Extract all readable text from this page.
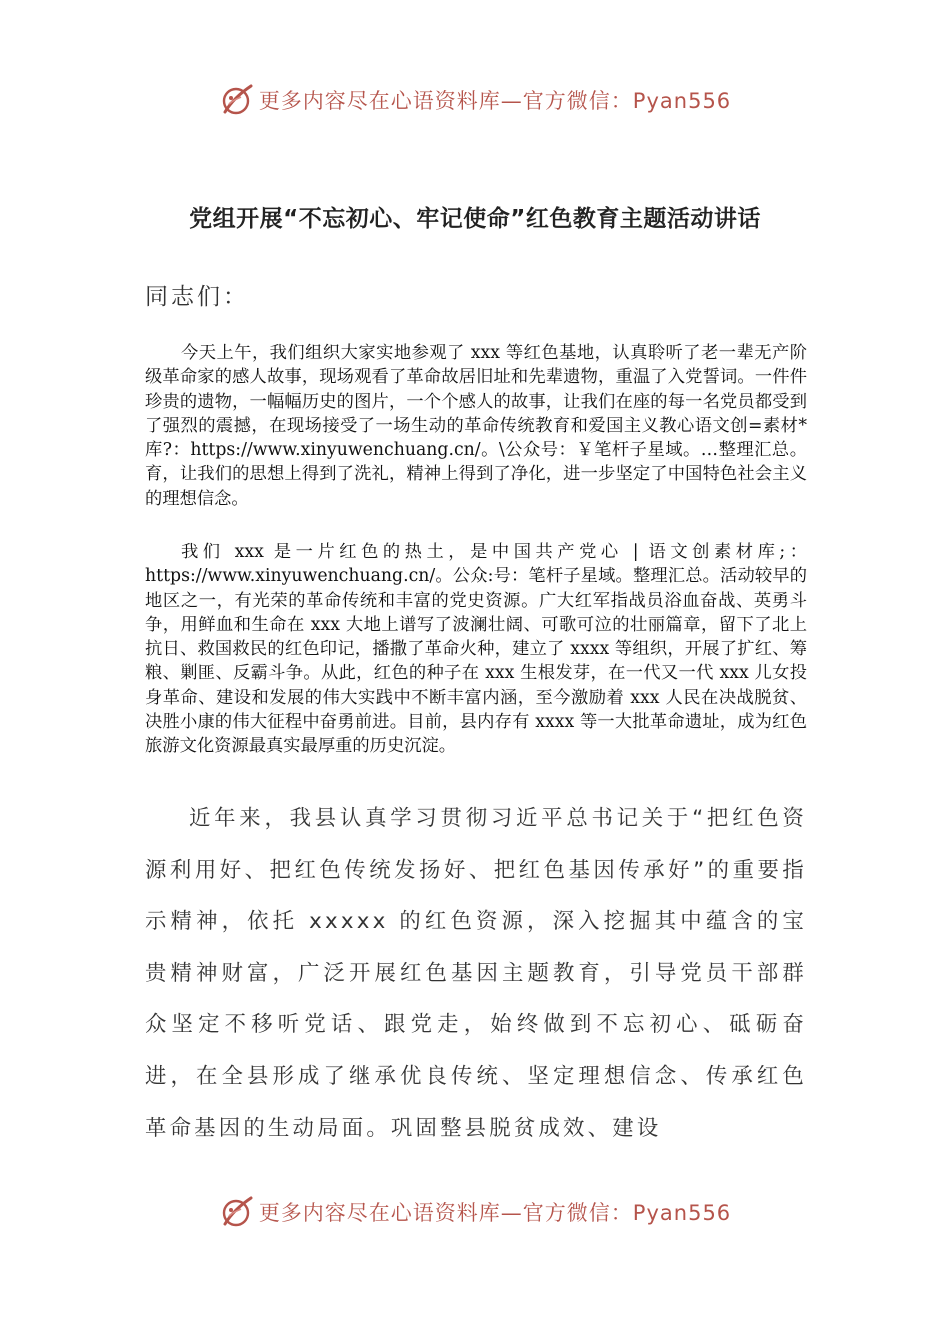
更多内容尽在心语资料库—官方微信：Pyan556
党组开展“不忘初心、牢记使命”红色教育主题活动讲话
同志们：

今天上午，我们组织大家实地参观了 xxx 等红色基地，认真聆听了老一辈无产阶级革命家的感人故事，现场观看了革命故居旧址和先辈遗物，重温了入党誓词。一件件珍贵的遗物，一幅幅历史的图片，一个个感人的故事，让我们在座的每一名党员都受到了强烈的震撼，在现场接受了一场生动的革命传统教育和爱国主义教心语文创=素材*库?：https://www.xinyuwenchuang.cn/。\公众号：￥笔杆子星域。…整理汇总。育，让我们的思想上得到了洗礼，精神上得到了净化，进一步坚定了中国特色社会主义的理想信念。

我们 xxx 是一片红色的热土，是中国共产党心 | 语文创素材库;：https://www.xinyuwenchuang.cn/。公众:号：笔杆子星域。整理汇总。活动较早的地区之一，有光荣的革命传统和丰富的党史资源。广大红军指战员浴血奋战、英勇斗争，用鲜血和生命在 xxx 大地上谱写了波澜壮阔、可歌可泣的壮丽篇章，留下了北上抗日、救国救民的红色印记，播撒了革命火种，建立了 xxxx 等组织，开展了扩红、筹粮、剿匪、反霸斗争。从此，红色的种子在 xxx 生根发芽，在一代又一代 xxx 儿女投身革命、建设和发展的伟大实践中不断丰富内涵，至今激励着 xxx 人民在决战脱贫、决胜小康的伟大征程中奋勇前进。目前，县内存有 xxxx 等一大批革命遗址，成为红色旅游文化资源最真实最厚重的历史沉淀。

近年来，我县认真学习贯彻习近平总书记关于“把红色资源利用好、把红色传统发扬好、把红色基因传承好”的重要指示精神，依托 xxxxx 的红色资源，深入挖掘其中蕴含的宝贵精神财富，广泛开展红色基因主题教育，引导党员干部群众坚定不移听党话、跟党走，始终做到不忘初心、砥砺奋进，在全县形成了继承优良传统、坚定理想信念、传承红色革命基因的生动局面。巩固整县脱贫成效、建设

更多内容尽在心语资料库—官方微信：Pyan556
